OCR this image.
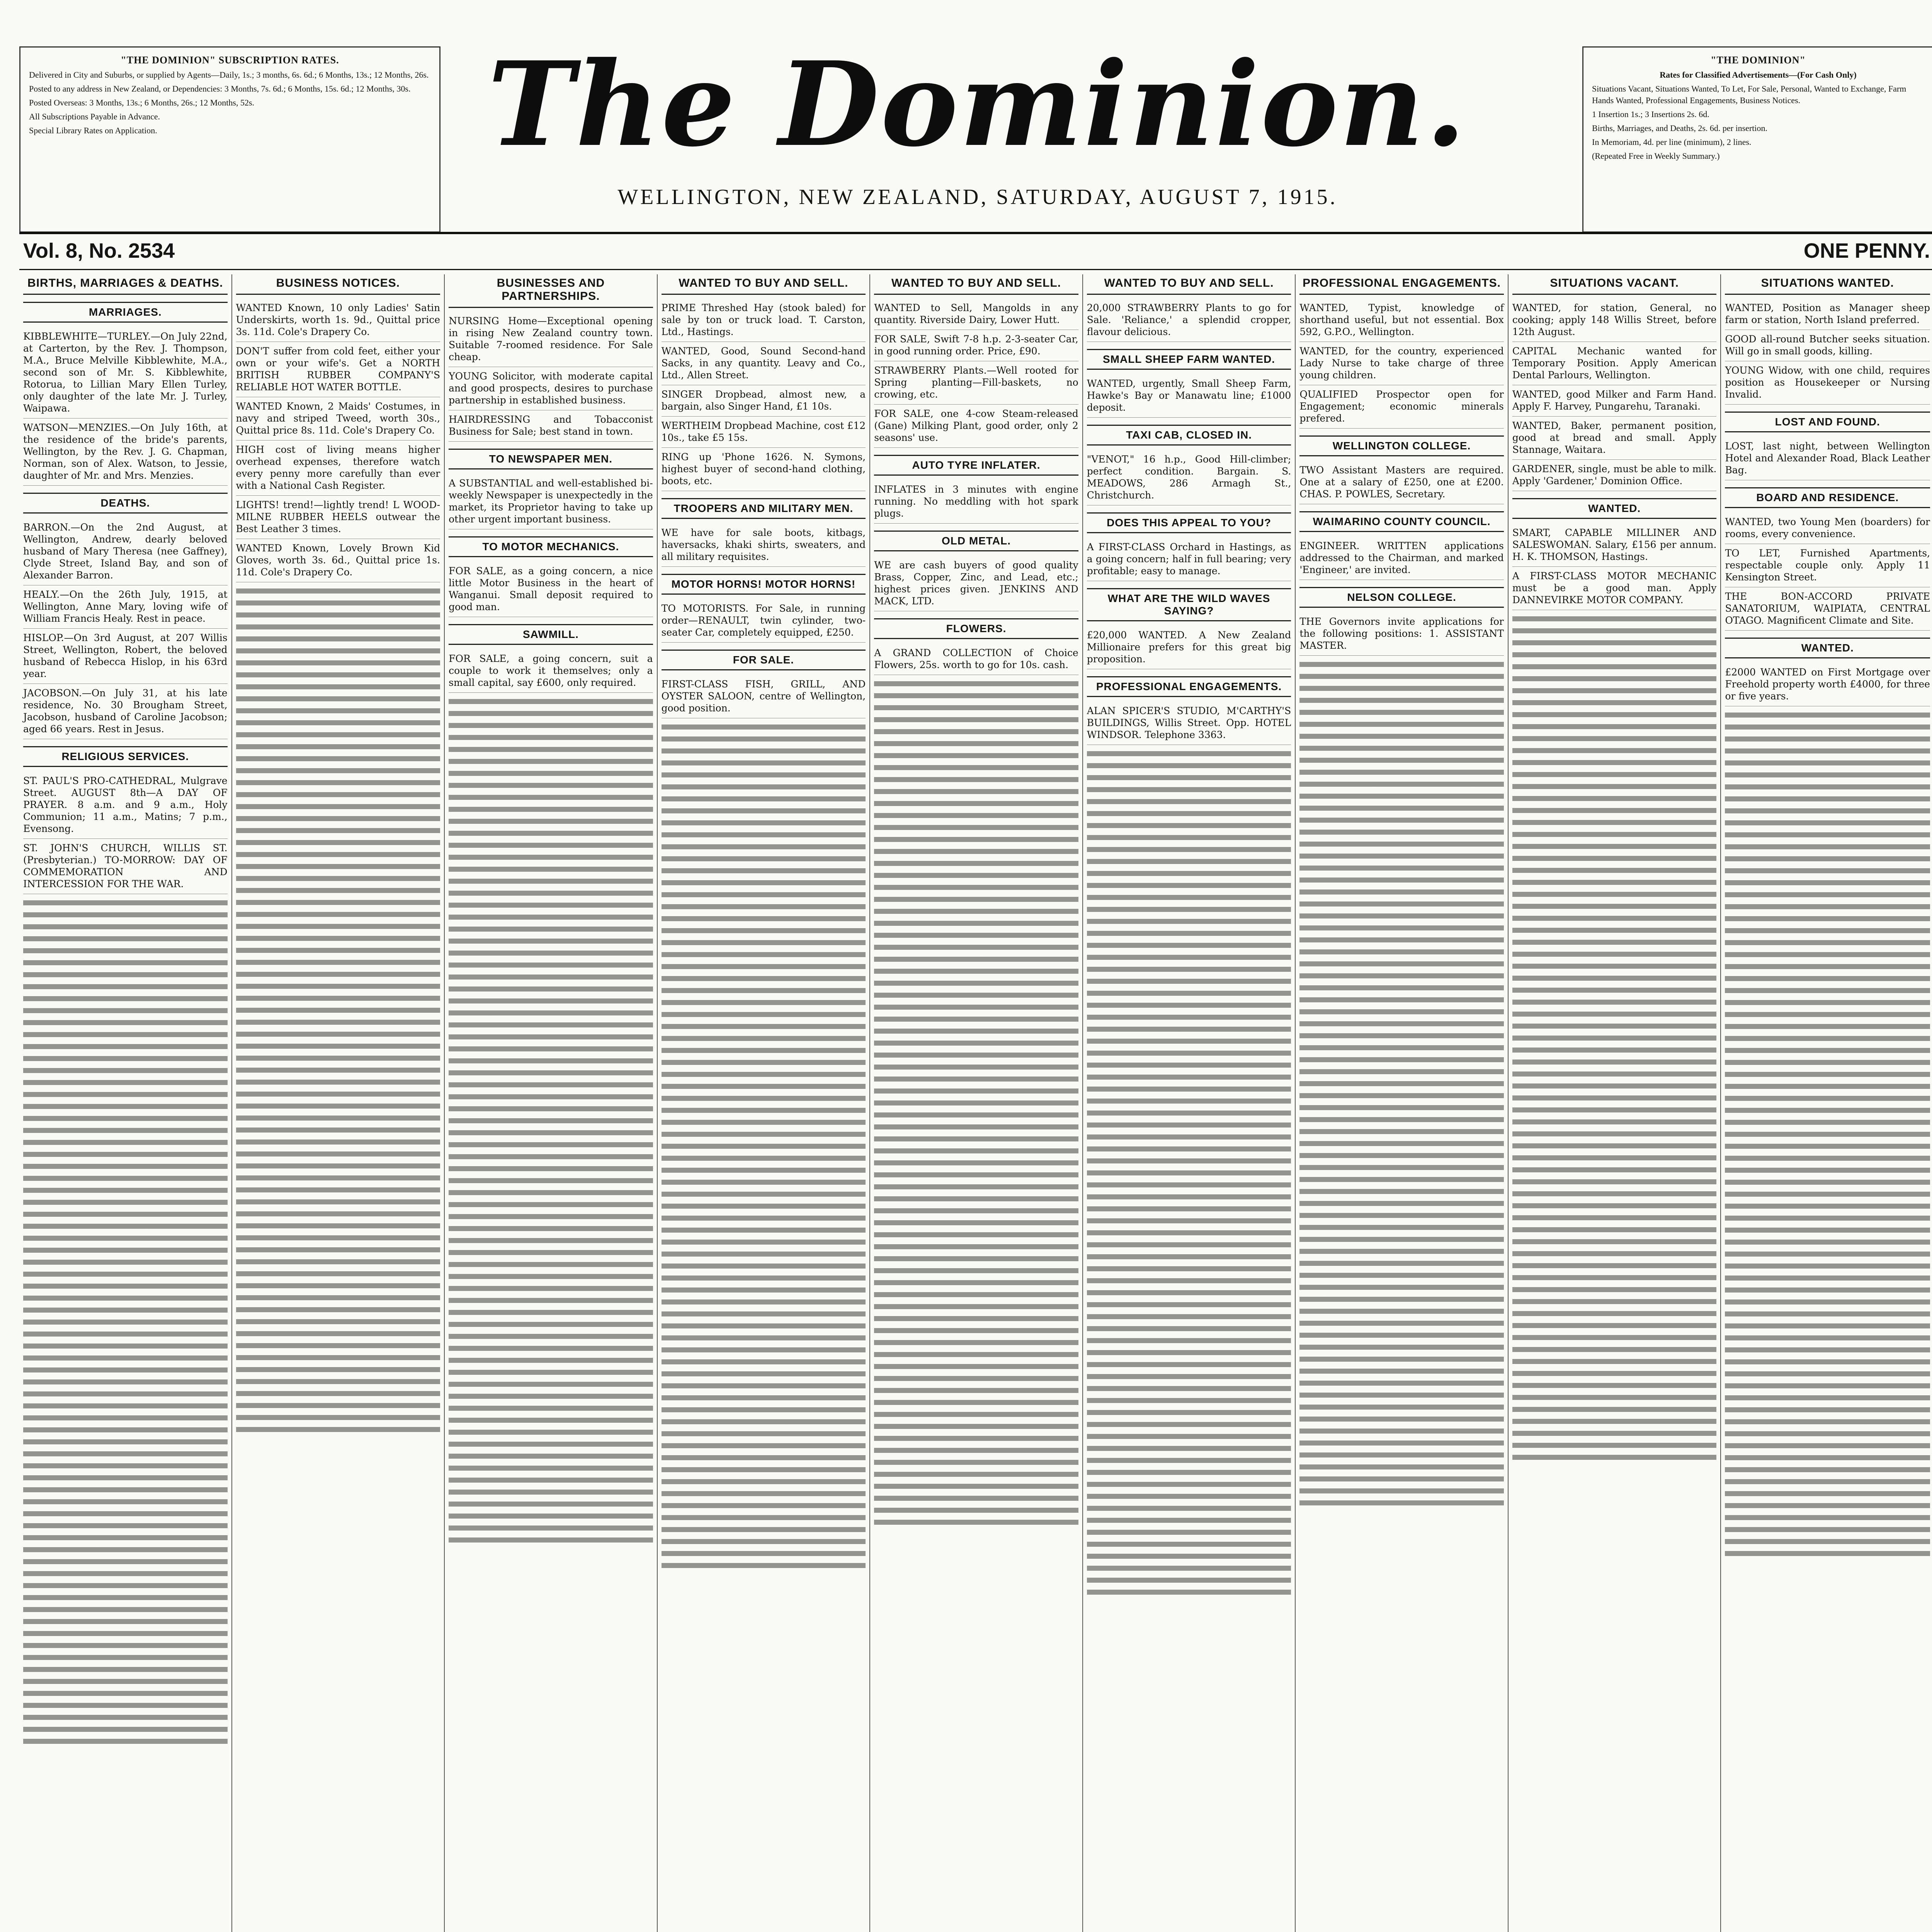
"THE DOMINION" SUBSCRIPTION RATES.

Delivered in City and Suburbs, or supplied by Agents—Daily, 1s.; 3 months, 6s. 6d.; 6 Months, 13s.; 12 Months, 26s.

Posted to any address in New Zealand, or Dependencies: 3 Months, 7s. 6d.; 6 Months, 15s. 6d.; 12 Months, 30s.

Posted Overseas: 3 Months, 13s.; 6 Months, 26s.; 12 Months, 52s.

All Subscriptions Payable in Advance.

Special Library Rates on Application.	The Dominion.
WELLINGTON, NEW ZEALAND, SATURDAY, AUGUST 7, 1915.
"THE DOMINION"

Rates for Classified Advertisements—(For Cash Only)

Situations Vacant, Situations Wanted, To Let, For Sale, Personal, Wanted to Exchange, Farm Hands Wanted, Professional Engagements, Business Notices.

1 Insertion 1s.; 3 Insertions 2s. 6d.

Births, Marriages, and Deaths, 2s. 6d. per insertion.

In Memoriam, 4d. per line (minimum), 2 lines.

(Repeated Free in Weekly Summary.)

Vol. 8, No. 2534	ONE PENNY.
BIRTHS, MARRIAGES & DEATHS.
MARRIAGES.

KIBBLEWHITE—TURLEY.—On July 22nd, at Carterton, by the Rev. J. Thompson, M.A., Bruce Melville Kibblewhite, M.A., second son of Mr. S. Kibblewhite, Rotorua, to Lillian Mary Ellen Turley, only daughter of the late Mr. J. Turley, Waipawa.

WATSON—MENZIES.—On July 16th, at the residence of the bride's parents, Wellington, by the Rev. J. G. Chapman, Norman, son of Alex. Watson, to Jessie, daughter of Mr. and Mrs. Menzies.

DEATHS.

BARRON.—On the 2nd August, at Wellington, Andrew, dearly beloved husband of Mary Theresa (nee Gaffney), Clyde Street, Island Bay, and son of Alexander Barron.

HEALY.—On the 26th July, 1915, at Wellington, Anne Mary, loving wife of William Francis Healy. Rest in peace.

HISLOP.—On 3rd August, at 207 Willis Street, Wellington, Robert, the beloved husband of Rebecca Hislop, in his 63rd year.

JACOBSON.—On July 31, at his late residence, No. 30 Brougham Street, Jacobson, husband of Caroline Jacobson; aged 66 years. Rest in Jesus.

RELIGIOUS SERVICES.

ST. PAUL'S PRO-CATHEDRAL, Mulgrave Street. AUGUST 8th—A DAY OF PRAYER. 8 a.m. and 9 a.m., Holy Communion; 11 a.m., Matins; 7 p.m., Evensong.

ST. JOHN'S CHURCH, WILLIS ST. (Presbyterian.) TO-MORROW: DAY OF COMMEMORATION AND INTERCESSION FOR THE WAR.

BUSINESS NOTICES.

WANTED Known, 10 only Ladies' Satin Underskirts, worth 1s. 9d., Quittal price 3s. 11d. Cole's Drapery Co.

DON'T suffer from cold feet, either your own or your wife's. Get a NORTH BRITISH RUBBER COMPANY'S RELIABLE HOT WATER BOTTLE.

WANTED Known, 2 Maids' Costumes, in navy and striped Tweed, worth 30s., Quittal price 8s. 11d. Cole's Drapery Co.

HIGH cost of living means higher overhead expenses, therefore watch every penny more carefully than ever with a National Cash Register.

LIGHTS! trend!—lightly trend! L WOOD-MILNE RUBBER HEELS outwear the Best Leather 3 times.

WANTED Known, Lovely Brown Kid Gloves, worth 3s. 6d., Quittal price 1s. 11d. Cole's Drapery Co.

BUSINESSES AND PARTNERSHIPS.

NURSING Home—Exceptional opening in rising New Zealand country town. Suitable 7-roomed residence. For Sale cheap.

YOUNG Solicitor, with moderate capital and good prospects, desires to purchase partnership in established business.

HAIRDRESSING and Tobacconist Business for Sale; best stand in town.

TO NEWSPAPER MEN.

A SUBSTANTIAL and well-established bi-weekly Newspaper is unexpectedly in the market, its Proprietor having to take up other urgent important business.

TO MOTOR MECHANICS.

FOR SALE, as a going concern, a nice little Motor Business in the heart of Wanganui. Small deposit required to good man.

SAWMILL.

FOR SALE, a going concern, suit a couple to work it themselves; only a small capital, say £600, only required.

WANTED TO BUY AND SELL.

PRIME Threshed Hay (stook baled) for sale by ton or truck load. T. Carston, Ltd., Hastings.

WANTED, Good, Sound Second-hand Sacks, in any quantity. Leavy and Co., Ltd., Allen Street.

SINGER Dropbead, almost new, a bargain, also Singer Hand, £1 10s.

WERTHEIM Dropbead Machine, cost £12 10s., take £5 15s.

RING up 'Phone 1626. N. Symons, highest buyer of second-hand clothing, boots, etc.

TROOPERS AND MILITARY MEN.

WE have for sale boots, kitbags, haversacks, khaki shirts, sweaters, and all military requisites.

MOTOR HORNS! MOTOR HORNS!

TO MOTORISTS. For Sale, in running order—RENAULT, twin cylinder, two-seater Car, completely equipped, £250.

FOR SALE.

FIRST-CLASS FISH, GRILL, AND OYSTER SALOON, centre of Wellington, good position.

WANTED TO BUY AND SELL.

WANTED to Sell, Mangolds in any quantity. Riverside Dairy, Lower Hutt.

FOR SALE, Swift 7-8 h.p. 2-3-seater Car, in good running order. Price, £90.

STRAWBERRY Plants.—Well rooted for Spring planting—Fill-baskets, no crowing, etc.

FOR SALE, one 4-cow Steam-released (Gane) Milking Plant, good order, only 2 seasons' use.

AUTO TYRE INFLATER.

INFLATES in 3 minutes with engine running. No meddling with hot spark plugs.

OLD METAL.

WE are cash buyers of good quality Brass, Copper, Zinc, and Lead, etc.; highest prices given. JENKINS AND MACK, LTD.

FLOWERS.

A GRAND COLLECTION of Choice Flowers, 25s. worth to go for 10s. cash.

WANTED TO BUY AND SELL.

20,000 STRAWBERRY Plants to go for Sale. 'Reliance,' a splendid cropper, flavour delicious.

SMALL SHEEP FARM WANTED.

WANTED, urgently, Small Sheep Farm, Hawke's Bay or Manawatu line; £1000 deposit.

TAXI CAB, CLOSED IN.

"VENOT," 16 h.p., Good Hill-climber; perfect condition. Bargain. S. MEADOWS, 286 Armagh St., Christchurch.

DOES THIS APPEAL TO YOU?

A FIRST-CLASS Orchard in Hastings, as a going concern; half in full bearing; very profitable; easy to manage.

WHAT ARE THE WILD WAVES SAYING?

£20,000 WANTED. A New Zealand Millionaire prefers for this great big proposition.

PROFESSIONAL ENGAGEMENTS.

ALAN SPICER'S STUDIO, M'CARTHY'S BUILDINGS, Willis Street. Opp. HOTEL WINDSOR. Telephone 3363.

PROFESSIONAL ENGAGEMENTS.

WANTED, Typist, knowledge of shorthand useful, but not essential. Box 592, G.P.O., Wellington.

WANTED, for the country, experienced Lady Nurse to take charge of three young children.

QUALIFIED Prospector open for Engagement; economic minerals prefered.

WELLINGTON COLLEGE.

TWO Assistant Masters are required. One at a salary of £250, one at £200. CHAS. P. POWLES, Secretary.

WAIMARINO COUNTY COUNCIL.

ENGINEER. WRITTEN applications addressed to the Chairman, and marked 'Engineer,' are invited.

NELSON COLLEGE.

THE Governors invite applications for the following positions: 1. ASSISTANT MASTER.

SITUATIONS VACANT.

WANTED, for station, General, no cooking; apply 148 Willis Street, before 12th August.

CAPITAL Mechanic wanted for Temporary Position. Apply American Dental Parlours, Wellington.

WANTED, good Milker and Farm Hand. Apply F. Harvey, Pungarehu, Taranaki.

WANTED, Baker, permanent position, good at bread and small. Apply Stannage, Waitara.

GARDENER, single, must be able to milk. Apply 'Gardener,' Dominion Office.

WANTED.

SMART, CAPABLE MILLINER AND SALESWOMAN. Salary, £156 per annum. H. K. THOMSON, Hastings.

A FIRST-CLASS MOTOR MECHANIC must be a good man. Apply DANNEVIRKE MOTOR COMPANY.

SITUATIONS WANTED.

WANTED, Position as Manager sheep farm or station, North Island preferred.

GOOD all-round Butcher seeks situation. Will go in small goods, killing.

YOUNG Widow, with one child, requires position as Housekeeper or Nursing Invalid.

LOST AND FOUND.

LOST, last night, between Wellington Hotel and Alexander Road, Black Leather Bag.

BOARD AND RESIDENCE.

WANTED, two Young Men (boarders) for rooms, every convenience.

TO LET, Furnished Apartments, respectable couple only. Apply 11 Kensington Street.

THE BON-ACCORD PRIVATE SANATORIUM, WAIPIATA, CENTRAL OTAGO. Magnificent Climate and Site.

WANTED.

£2000 WANTED on First Mortgage over Freehold property worth £4000, for three or five years.
